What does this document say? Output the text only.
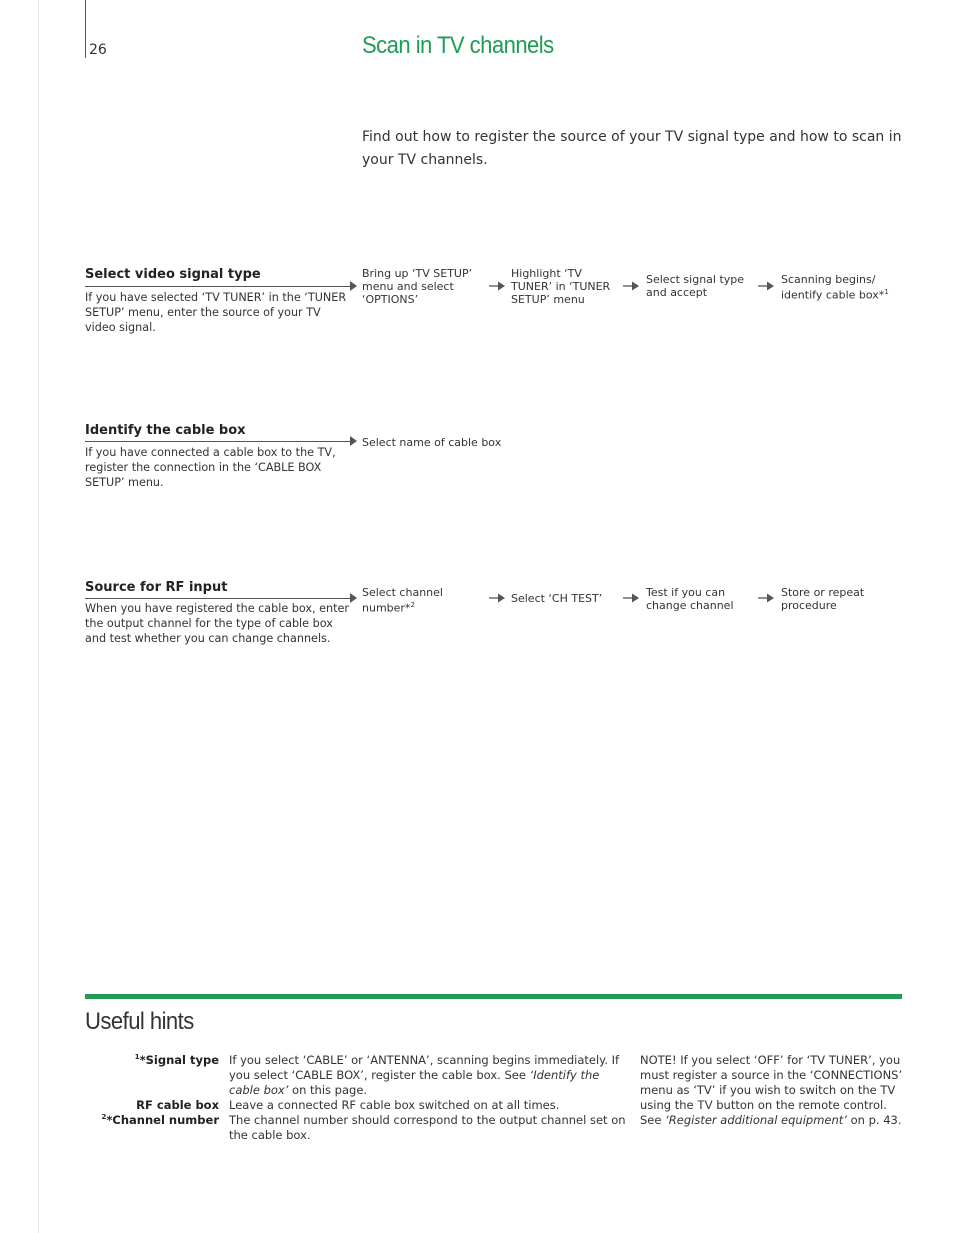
26	Scan in TV channels
Find out how to register the source of your TV signal type and how to scan in your TV channels.
Select video signal type
If you have selected ‘TV TUNER’ in the ‘TUNER SETUP’ menu, enter the source of your TV video signal.
Bring up ‘TV SETUP’ menu and select ‘OPTIONS’
Highlight ‘TV TUNER’ in ‘TUNER SETUP’ menu
Select signal type and accept
Scanning begins/ identify cable box*$^1$
Identify the cable box
If you have connected a cable box to the TV, register the connection in the ‘CABLE BOX SETUP’ menu.
Select name of cable box
Source for RF input
When you have registered the cable box, enter the output channel for the type of cable box and test whether you can change channels.
Select channel number*$^2$	Select ‘CH TEST’	Test if you can change channel
Store or repeat procedure
Useful hints
$^1$*Signal type If you select ‘CABLE’ or ‘ANTENNA’, scanning begins immediately. If you select ‘CABLE BOX’, register the cable box. See ‘Identify the cable box’ on this page.
RF cable box Leave a connected RF cable box switched on at all times.
$^2$*Channel number The channel number should correspond to the output channel set on the cable box.
NOTE! If you select ‘OFF’ for ‘TV TUNER’, you must register a source in the ‘CONNECTIONS’ menu as ‘TV’ if you wish to switch on the TV using the TV button on the remote control. See ‘Register additional equipment’ on p. 43.
